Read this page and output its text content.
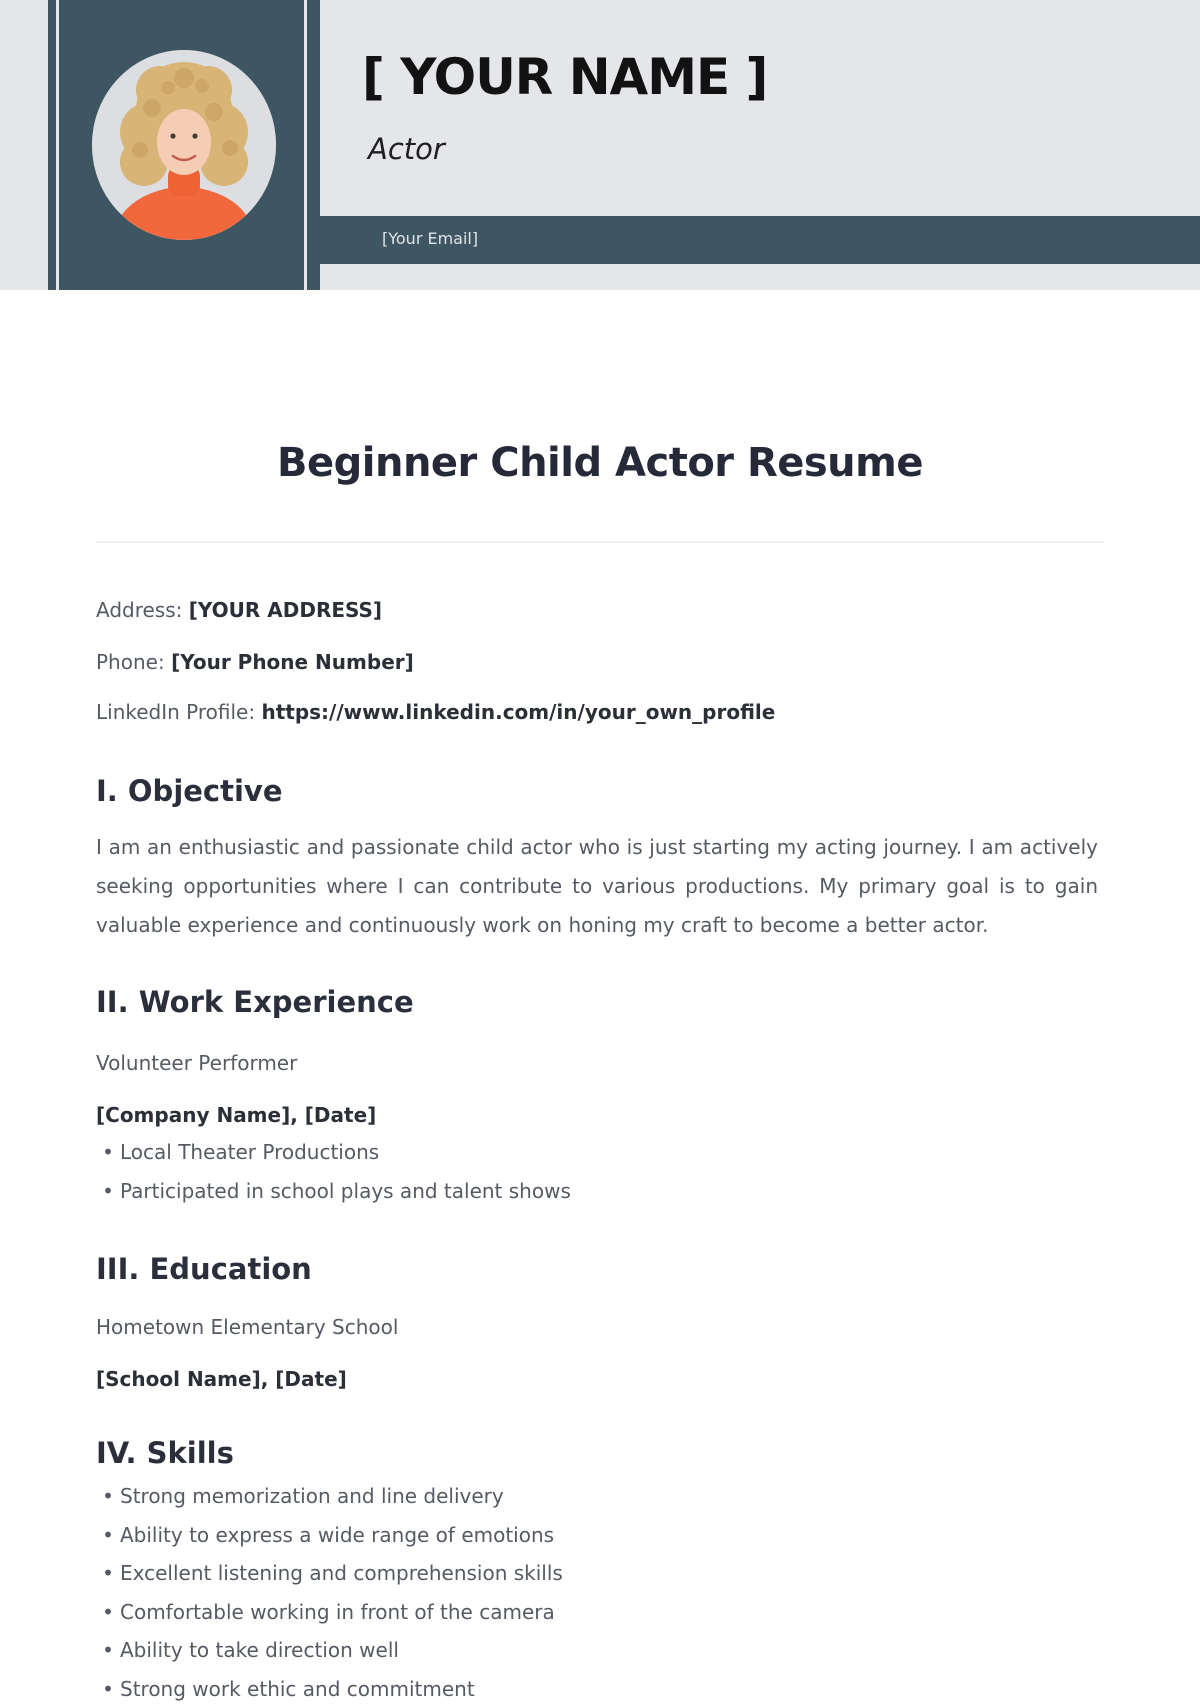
[ YOUR NAME ]
Actor
[Your Email]
Beginner Child Actor Resume
Address: [YOUR ADDRESS]
Phone: [Your Phone Number]
LinkedIn Profile: https://www.linkedin.com/in/your_own_profile
I. Objective

I am an enthusiastic and passionate child actor who is just starting my acting journey. I am actively seeking opportunities where I can contribute to various productions. My primary goal is to gain valuable experience and continuously work on honing my craft to become a better actor.

II. Work Experience
Volunteer Performer
[Company Name], [Date]
• Local Theater Productions
• Participated in school plays and talent shows
III. Education
Hometown Elementary School
[School Name], [Date]
IV. Skills
• Strong memorization and line delivery
• Ability to express a wide range of emotions
• Excellent listening and comprehension skills
• Comfortable working in front of the camera
• Ability to take direction well
• Strong work ethic and commitment
